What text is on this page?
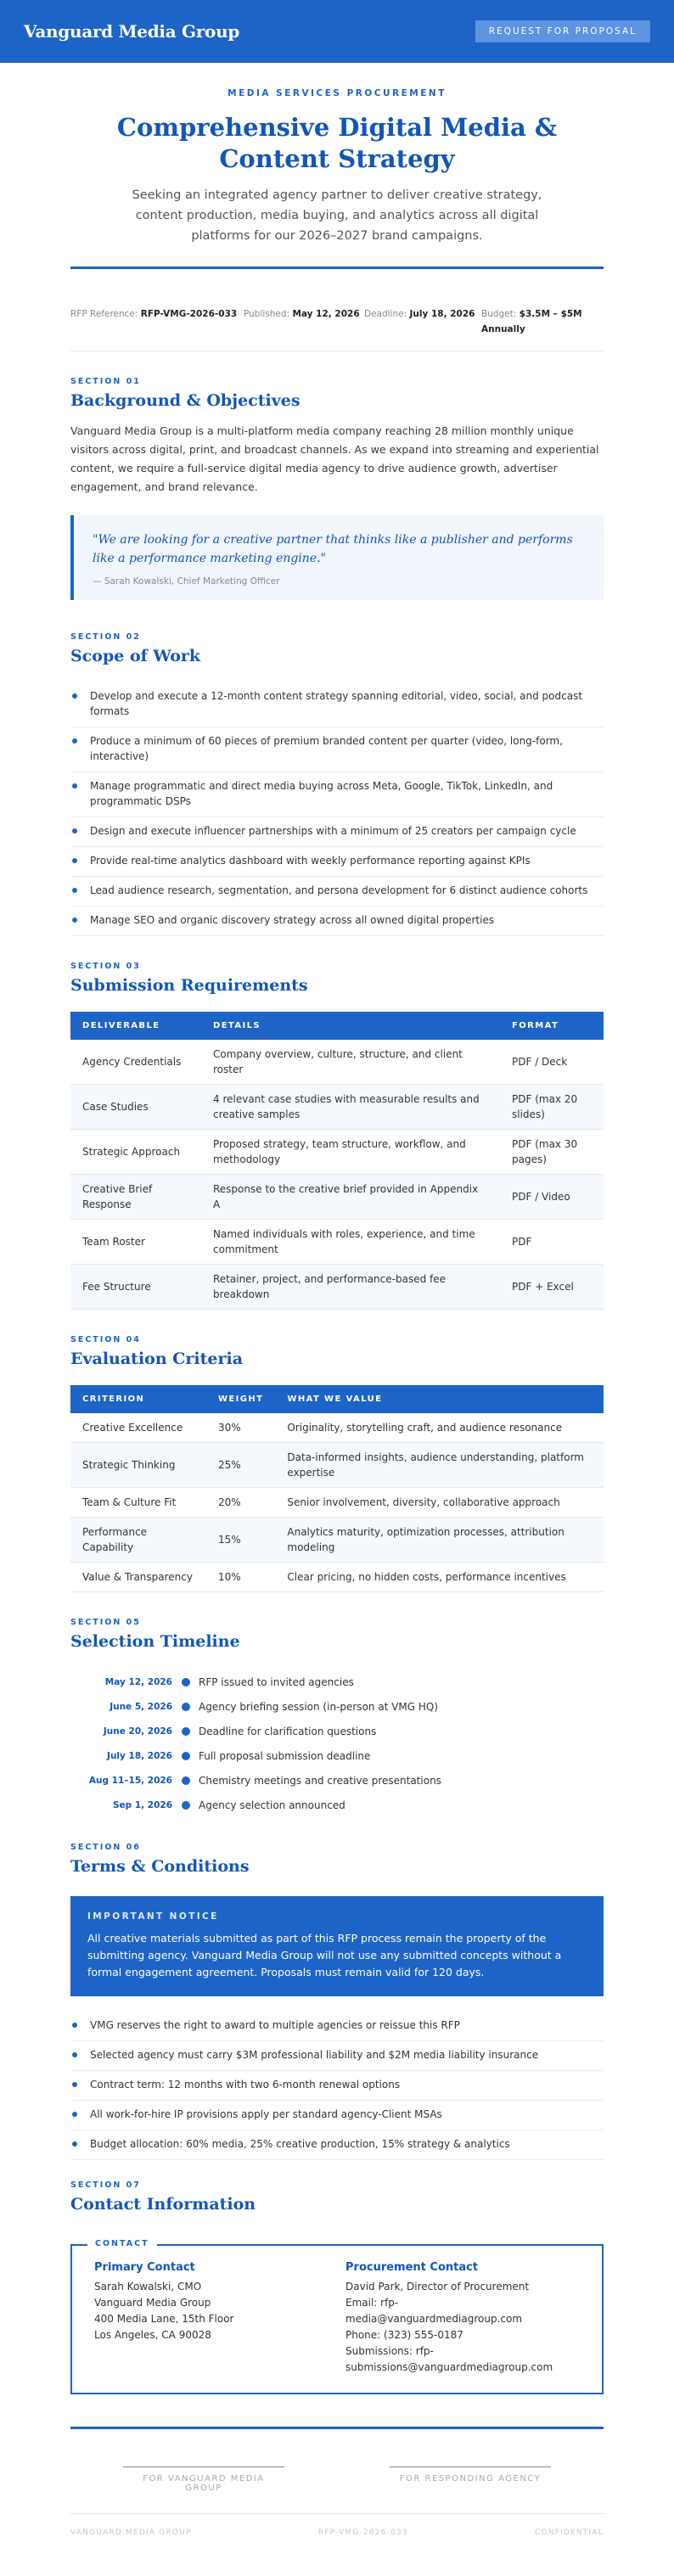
Vanguard Media Group	REQUEST FOR PROPOSAL
MEDIA SERVICES PROCUREMENT
Comprehensive Digital Media & Content Strategy

Seeking an integrated agency partner to deliver creative strategy, content production, media buying, and analytics across all digital platforms for our 2026–2027 brand campaigns.

RFP Reference: RFP-VMG-2026-033 Published: May 12, 2026 Deadline: July 18, 2026 Budget: $3.5M – $5M Annually
SECTION 01
Background & Objectives

Vanguard Media Group is a multi-platform media company reaching 28 million monthly unique visitors across digital, print, and broadcast channels. As we expand into streaming and experiential content, we require a full-service digital media agency to drive audience growth, advertiser engagement, and brand relevance.

"We are looking for a creative partner that thinks like a publisher and performs like a performance marketing engine."
— Sarah Kowalski, Chief Marketing Officer
SECTION 02
Scope of Work
Develop and execute a 12-month content strategy spanning editorial, video, social, and podcast formats
Produce a minimum of 60 pieces of premium branded content per quarter (video, long-form, interactive)
Manage programmatic and direct media buying across Meta, Google, TikTok, LinkedIn, and programmatic DSPs
Design and execute influencer partnerships with a minimum of 25 creators per campaign cycle
Provide real-time analytics dashboard with weekly performance reporting against KPIs
Lead audience research, segmentation, and persona development for 6 distinct audience cohorts
Manage SEO and organic discovery strategy across all owned digital properties
SECTION 03
Submission Requirements
DELIVERABLE	DETAILS	FORMAT
Agency Credentials	Company overview, culture, structure, and client roster	PDF / Deck
Case Studies	4 relevant case studies with measurable results and creative samples	PDF (max 20 slides)
Strategic Approach	Proposed strategy, team structure, workflow, and methodology	PDF (max 30 pages)
Creative Brief Response	Response to the creative brief provided in Appendix A	PDF / Video
Team Roster	Named individuals with roles, experience, and time commitment	PDF
Fee Structure	Retainer, project, and performance-based fee breakdown	PDF + Excel
SECTION 04
Evaluation Criteria
CRITERION	WEIGHT	WHAT WE VALUE
Creative Excellence	30%	Originality, storytelling craft, and audience resonance
Strategic Thinking	25%	Data-informed insights, audience understanding, platform expertise
Team & Culture Fit	20%	Senior involvement, diversity, collaborative approach
Performance Capability	15%	Analytics maturity, optimization processes, attribution modeling
Value & Transparency	10%	Clear pricing, no hidden costs, performance incentives
SECTION 05
Selection Timeline
May 12, 2026	RFP issued to invited agencies
June 5, 2026	Agency briefing session (in-person at VMG HQ)
June 20, 2026	Deadline for clarification questions
July 18, 2026	Full proposal submission deadline
Aug 11–15, 2026	Chemistry meetings and creative presentations
Sep 1, 2026	Agency selection announced
SECTION 06
Terms & Conditions
IMPORTANT NOTICE
All creative materials submitted as part of this RFP process remain the property of the submitting agency. Vanguard Media Group will not use any submitted concepts without a formal engagement agreement. Proposals must remain valid for 120 days.
VMG reserves the right to award to multiple agencies or reissue this RFP
Selected agency must carry $3M professional liability and $2M media liability insurance
Contract term: 12 months with two 6-month renewal options
All work-for-hire IP provisions apply per standard agency-Client MSAs
Budget allocation: 60% media, 25% creative production, 15% strategy & analytics
SECTION 07
Contact Information
CONTACT
Primary Contact
Sarah Kowalski, CMO
Vanguard Media Group
400 Media Lane, 15th Floor
Los Angeles, CA 90028
Procurement Contact
David Park, Director of Procurement
Email: rfp-media@vanguardmediagroup.com
Phone: (323) 555-0187
Submissions: rfp-submissions@vanguardmediagroup.com
FOR VANGUARD MEDIA GROUP
FOR RESPONDING AGENCY
VANGUARD MEDIA GROUP	RFP-VMG-2026-033	CONFIDENTIAL
